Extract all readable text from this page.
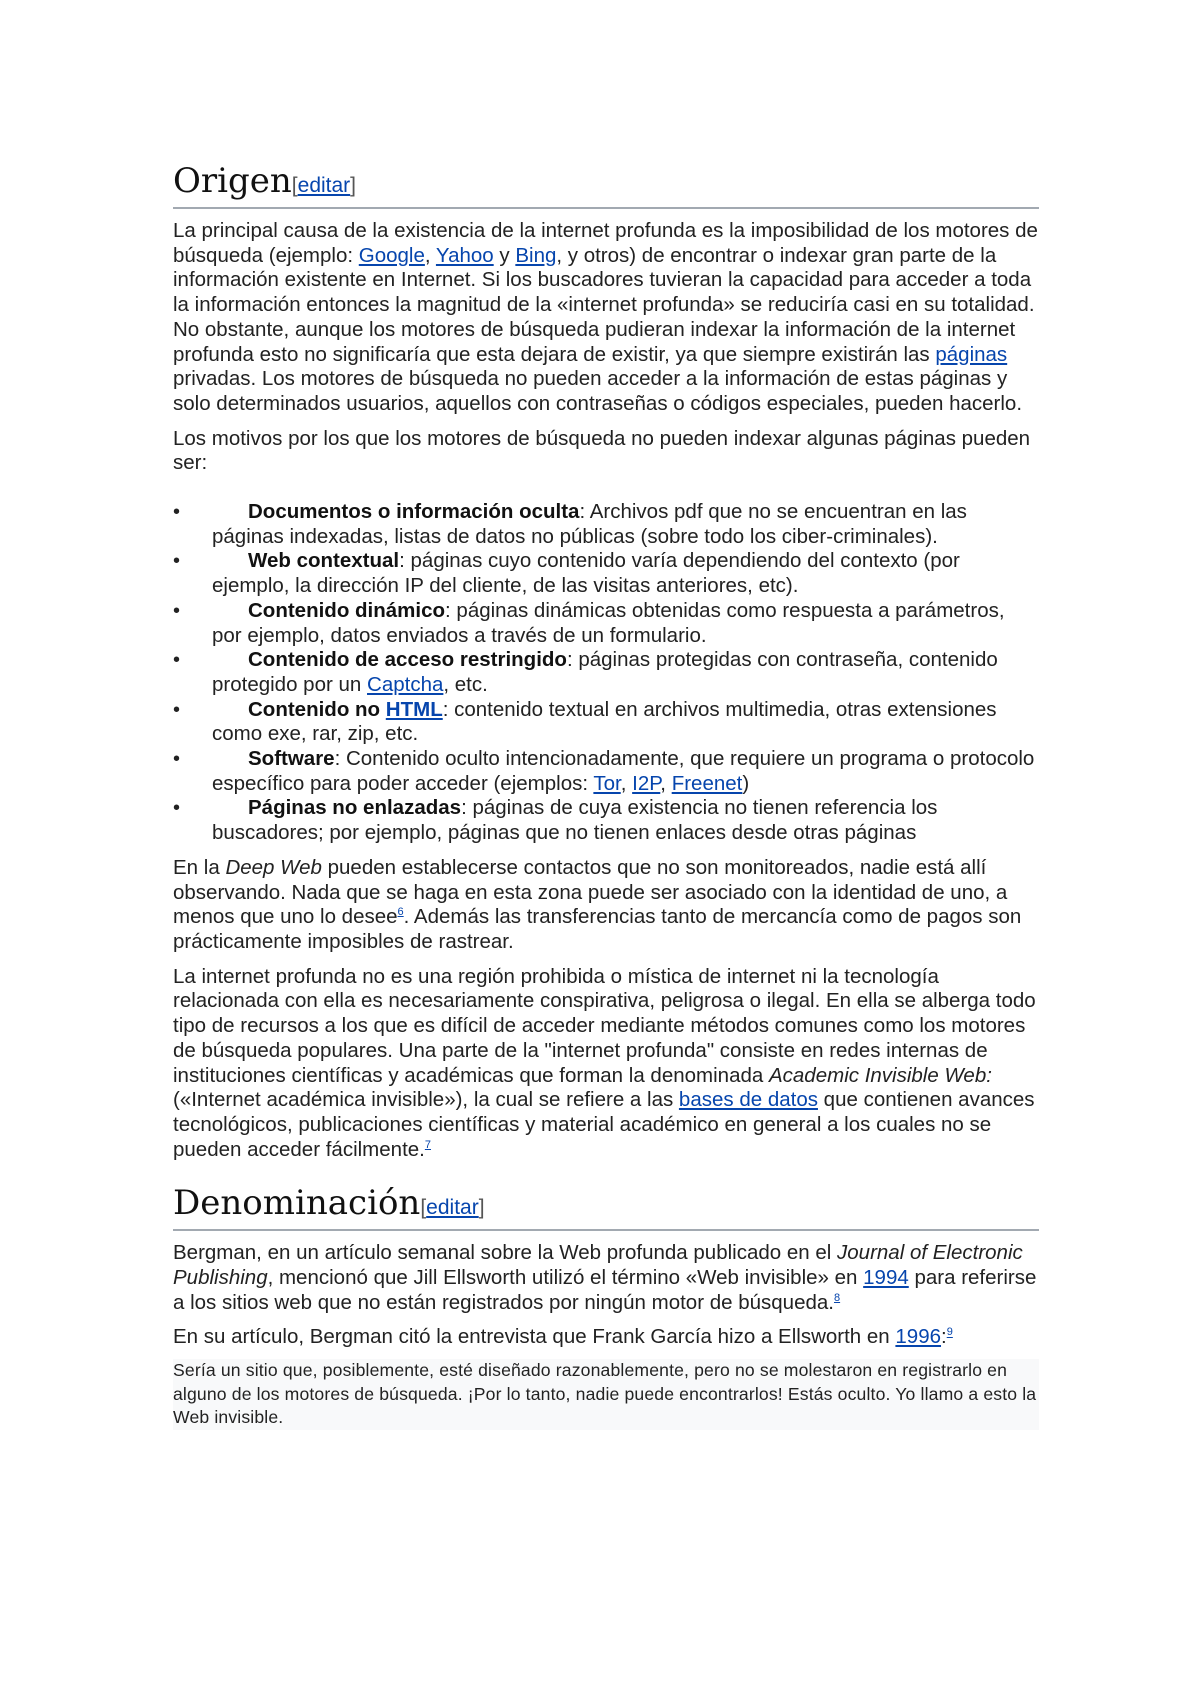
Origen[editar]

La principal causa de la existencia de la internet profunda es la imposibilidad de los motores de búsqueda (ejemplo: Google, Yahoo y Bing, y otros) de encontrar o indexar gran parte de la información existente en Internet. Si los buscadores tuvieran la capacidad para acceder a toda la información entonces la magnitud de la «internet profunda» se reduciría casi en su totalidad. No obstante, aunque los motores de búsqueda pudieran indexar la información de la internet profunda esto no significaría que esta dejara de existir, ya que siempre existirán las páginas privadas. Los motores de búsqueda no pueden acceder a la información de estas páginas y solo determinados usuarios, aquellos con contraseñas o códigos especiales, pueden hacerlo.

Los motivos por los que los motores de búsqueda no pueden indexar algunas páginas pueden ser:

•	Documentos o información oculta: Archivos pdf que no se encuentran en las páginas indexadas, listas de datos no públicas (sobre todo los ciber-criminales).
•	Web contextual: páginas cuyo contenido varía dependiendo del contexto (por ejemplo, la dirección IP del cliente, de las visitas anteriores, etc).
•	Contenido dinámico: páginas dinámicas obtenidas como respuesta a parámetros, por ejemplo, datos enviados a través de un formulario.
•	Contenido de acceso restringido: páginas protegidas con contraseña, contenido protegido por un Captcha, etc.
•	Contenido no HTML: contenido textual en archivos multimedia, otras extensiones como exe, rar, zip, etc.
•	Software: Contenido oculto intencionadamente, que requiere un programa o protocolo específico para poder acceder (ejemplos: Tor, I2P, Freenet)
•	Páginas no enlazadas: páginas de cuya existencia no tienen referencia los buscadores; por ejemplo, páginas que no tienen enlaces desde otras páginas

En la Deep Web pueden establecerse contactos que no son monitoreados, nadie está allí observando. Nada que se haga en esta zona puede ser asociado con la identidad de uno, a menos que uno lo desee$^6$. Además las transferencias tanto de mercancía como de pagos son prácticamente imposibles de rastrear.

La internet profunda no es una región prohibida o mística de internet ni la tecnología relacionada con ella es necesariamente conspirativa, peligrosa o ilegal. En ella se alberga todo tipo de recursos a los que es difícil de acceder mediante métodos comunes como los motores de búsqueda populares. Una parte de la "internet profunda" consiste en redes internas de instituciones científicas y académicas que forman la denominada Academic Invisible Web: («Internet académica invisible»), la cual se refiere a las bases de datos que contienen avances tecnológicos, publicaciones científicas y material académico en general a los cuales no se pueden acceder fácilmente.$^7$

Denominación[editar]

Bergman, en un artículo semanal sobre la Web profunda publicado en el Journal of Electronic Publishing, mencionó que Jill Ellsworth utilizó el término «Web invisible» en 1994 para referirse a los sitios web que no están registrados por ningún motor de búsqueda.$^8$

En su artículo, Bergman citó la entrevista que Frank García hizo a Ellsworth en 1996:$^9$

Sería un sitio que, posiblemente, esté diseñado razonablemente, pero no se molestaron en registrarlo en alguno de los motores de búsqueda. ¡Por lo tanto, nadie puede encontrarlos! Estás oculto. Yo llamo a esto la Web invisible.
